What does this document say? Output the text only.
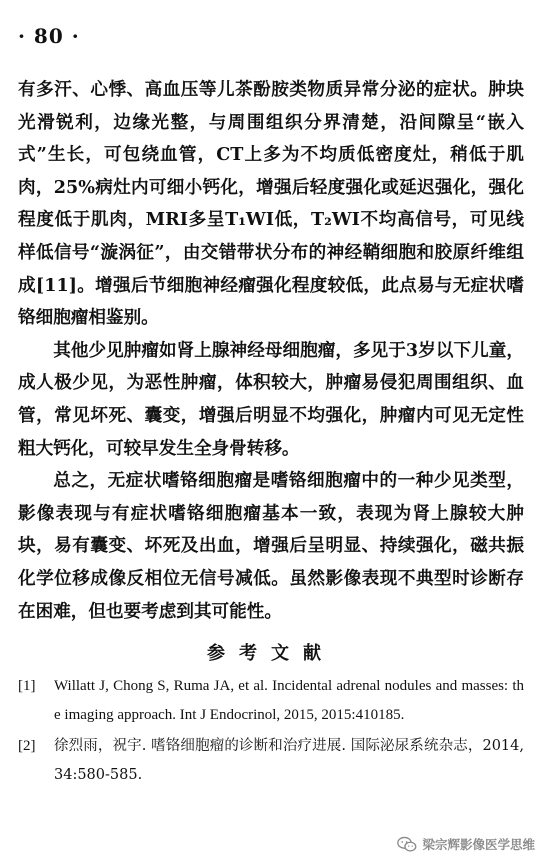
· 80 ·

有多汗、心悸、高血压等儿茶酚胺类物质异常分泌的症状。肿块光滑锐利，边缘光整，与周围组织分界清楚，沿间隙呈“嵌入式”生长，可包绕血管，CT上多为不均质低密度灶，稍低于肌肉，25%病灶内可细小钙化，增强后轻度强化或延迟强化，强化程度低于肌肉，MRI多呈T₁WI低，T₂WI不均高信号，可见线样低信号“漩涡征”，由交错带状分布的神经鞘细胞和胶原纤维组成[11]。增强后节细胞神经瘤强化程度较低，此点易与无症状嗜铬细胞瘤相鉴别。

其他少见肿瘤如肾上腺神经母细胞瘤，多见于3岁以下儿童，成人极少见，为恶性肿瘤，体积较大，肿瘤易侵犯周围组织、血管，常见坏死、囊变，增强后明显不均强化，肿瘤内可见无定性粗大钙化，可较早发生全身骨转移。

总之，无症状嗜铬细胞瘤是嗜铬细胞瘤中的一种少见类型，影像表现与有症状嗜铬细胞瘤基本一致，表现为肾上腺较大肿块，易有囊变、坏死及出血，增强后呈明显、持续强化，磁共振化学位移成像反相位无信号减低。虽然影像表现不典型时诊断存在困难，但也要考虑到其可能性。

参考文献
[1]	Willatt J, Chong S, Ruma JA, et al. Incidental adrenal nodules and masses: the imaging approach. Int J Endocrinol, 2015, 2015:410185.
[2]	徐烈雨，祝宇. 嗜铬细胞瘤的诊断和治疗进展. 国际泌尿系统杂志，2014,34:580-585.
梁宗辉影像医学思维
